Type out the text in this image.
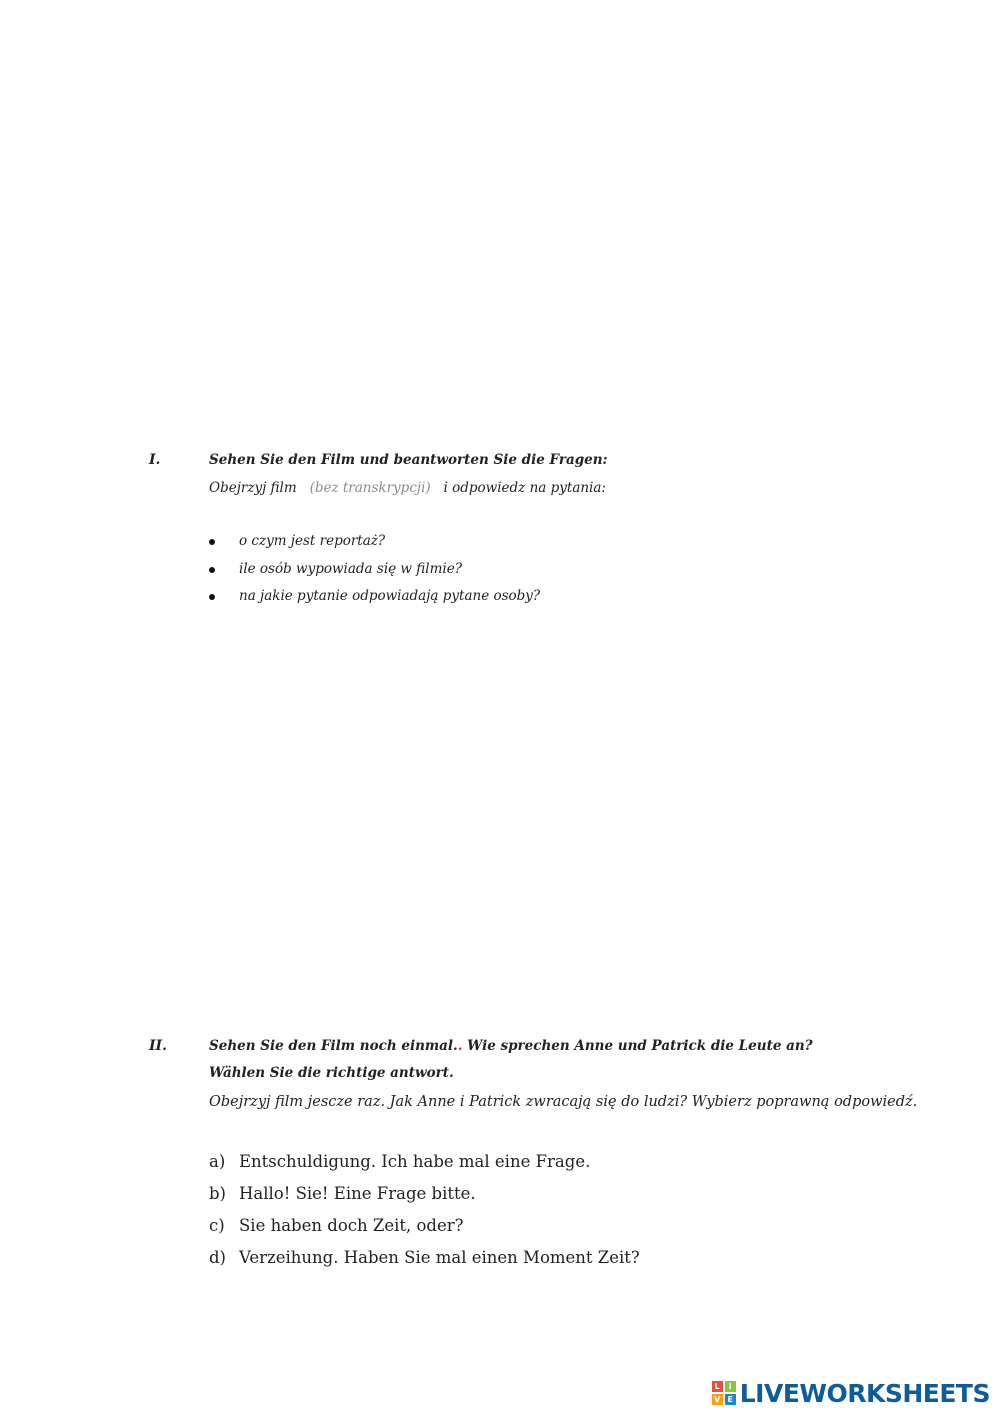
I.	Sehen Sie den Film und beantworten Sie die Fragen:
Obejrzyj film (bez transkrypcji) i odpowiedz na pytania:
o czym jest reportaż?
ile osób wypowiada się w filmie?
na jakie pytanie odpowiadają pytane osoby?
II.	Sehen Sie den Film noch einmal.. Wie sprechen Anne und Patrick die Leute an? Wählen Sie die richtige antwort.
Obejrzyj film jescze raz. Jak Anne i Patrick zwracają się do ludzi? Wybierz poprawną odpowiedź.
a) Entschuldigung. Ich habe mal eine Frage.
b) Hallo! Sie! Eine Frage bitte.
c) Sie haben doch Zeit, oder?
d) Verzeihung. Haben Sie mal einen Moment Zeit?
L	I
V E LIVEWORKSHEETS
